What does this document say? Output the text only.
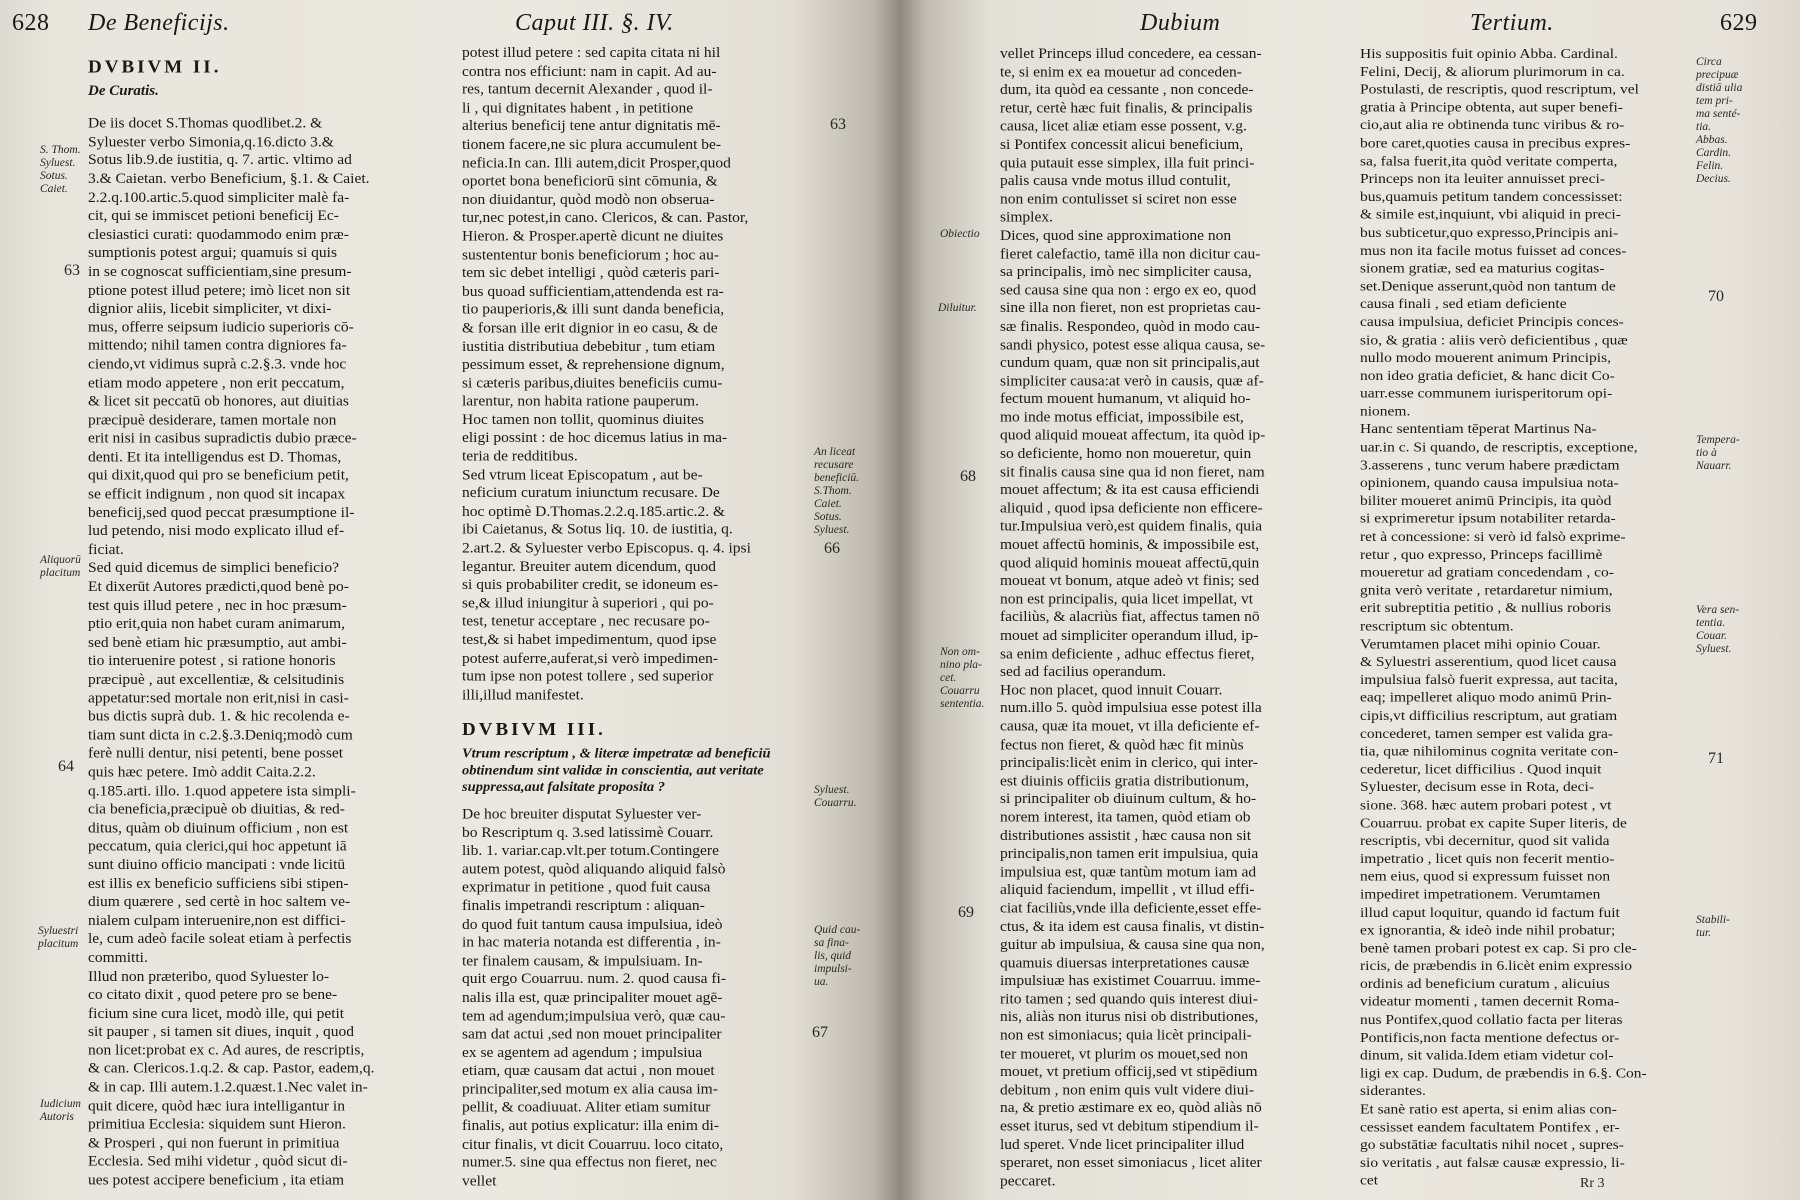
628 De Beneficijs.	Caput III. §. IV.

DVBIVM II.

De Curatis.

De iis docet S.Thomas quodlibet.2. &

Syluester verbo Simonia,q.16.dicto 3.&

Sotus lib.9.de iustitia, q. 7. artic. vltimo ad

3.& Caietan. verbo Beneficium, §.1. & Caiet.

2.2.q.100.artic.5.quod simpliciter malè fa-

cit, qui se immiscet petioni beneficij Ec-

clesiastici curati: quodammodo enim præ-

sumptionis potest argui; quamuis si quis

in se cognoscat sufficientiam,sine presum-

ptione potest illud petere; imò licet non sit

dignior aliis, licebit simpliciter, vt dixi-

mus, offerre seipsum iudicio superioris cō-

mittendo; nihil tamen contra digniores fa-

ciendo,vt vidimus suprà c.2.§.3. vnde hoc

etiam modo appetere , non erit peccatum,

& licet sit peccatū ob honores, aut diuitias

præcipuè desiderare, tamen mortale non

erit nisi in casibus supradictis dubio præce-

denti. Et ita intelligendus est D. Thomas,

qui dixit,quod qui pro se beneficium petit,

se efficit indignum , non quod sit incapax

beneficij,sed quod peccat præsumptione il-

lud petendo, nisi modo explicato illud ef-

ficiat.

Sed quid dicemus de simplici beneficio?

Et dixerūt Autores prædicti,quod benè po-

test quis illud petere , nec in hoc præsum-

ptio erit,quia non habet curam animarum,

sed benè etiam hic præsumptio, aut ambi-

tio interuenire potest , si ratione honoris

præcipuè , aut excellentiæ, & celsitudinis

appetatur:sed mortale non erit,nisi in casi-

bus dictis suprà dub. 1. & hic recolenda e-

tiam sunt dicta in c.2.§.3.Deniq;modò cum

ferè nulli dentur, nisi petenti, bene posset

quis hæc petere. Imò addit Caita.2.2.

q.185.arti. illo. 1.quod appetere ista simpli-

cia beneficia,præcipuè ob diuitias, & red-

ditus, quàm ob diuinum officium , non est

peccatum, quia clerici,qui hoc appetunt iā

sunt diuino officio mancipati : vnde licitū

est illis ex beneficio sufficiens sibi stipen-

dium quærere , sed certè in hoc saltem ve-

nialem culpam interuenire,non est diffici-

le, cum adeò facile soleat etiam à perfectis

committi.

Illud non præteribo, quod Syluester lo-

co citato dixit , quod petere pro se bene-

ficium sine cura licet, modò ille, qui petit

sit pauper , si tamen sit diues, inquit , quod

non licet:probat ex c. Ad aures, de rescriptis,

& can. Clericos.1.q.2. & cap. Pastor, eadem,q.

& in cap. Illi autem.1.2.quæst.1.Nec valet in-

quit dicere, quòd hæc iura intelligantur in

primitiua Ecclesia: siquidem sunt Hieron.

& Prosperi , qui non fuerunt in primitiua

Ecclesia. Sed mihi videtur , quòd sicut di-

ues potest accipere beneficium , ita etiam

potest illud petere : sed capita citata ni hil

contra nos efficiunt: nam in capit. Ad au-

res, tantum decernit Alexander , quod il-

li , qui dignitates habent , in petitione

alterius beneficij tene antur dignitatis mē-

tionem facere,ne sic plura accumulent be-

neficia.In can. Illi autem,dicit Prosper,quod

oportet bona beneficiorū sint cōmunia, &

non diuidantur, quòd modò non obserua-

tur,nec potest,in cano. Clericos, & can. Pastor,

Hieron. & Prosper.apertè dicunt ne diuites

sustententur bonis beneficiorum ; hoc au-

tem sic debet intelligi , quòd cæteris pari-

bus quoad sufficientiam,attendenda est ra-

tio pauperioris,& illi sunt danda beneficia,

& forsan ille erit dignior in eo casu, & de

iustitia distributiua debebitur , tum etiam

pessimum esset, & reprehensione dignum,

si cæteris paribus,diuites beneficiis cumu-

larentur, non habita ratione pauperum.

Hoc tamen non tollit, quominus diuites

eligi possint : de hoc dicemus latius in ma-

teria de redditibus.

Sed vtrum liceat Episcopatum , aut be-

neficium curatum iniunctum recusare. De

hoc optimè D.Thomas.2.2.q.185.artic.2. &

ibi Caietanus, & Sotus liq. 10. de iustitia, q.

2.art.2. & Syluester verbo Episcopus. q. 4. ipsi

legantur. Breuiter autem dicendum, quod

si quis probabiliter credit, se idoneum es-

se,& illud iniungitur à superiori , qui po-

test, tenetur acceptare , nec recusare po-

test,& si habet impedimentum, quod ipse

potest auferre,auferat,si verò impedimen-

tum ipse non potest tollere , sed superior

illi,illud manifestet.

DVBIVM III.

Vtrum rescriptum , & literæ impetratæ ad beneficiū

obtinendum sint validæ in conscientia, aut veritate

suppressa,aut falsitate proposita ?

De hoc breuiter disputat Syluester ver-

bo Rescriptum q. 3.sed latissimè Couarr.

lib. 1. variar.cap.vlt.per totum.Contingere

autem potest, quòd aliquando aliquid falsò

exprimatur in petitione , quod fuit causa

finalis impetrandi rescriptum : aliquan-

do quod fuit tantum causa impulsiua, ideò

in hac materia notanda est differentia , in-

ter finalem causam, & impulsiuam. In-

quit ergo Couarruu. num. 2. quod causa fi-

nalis illa est, quæ principaliter mouet agē-

tem ad agendum;impulsiua verò, quæ cau-

sam dat actui ,sed non mouet principaliter

ex se agentem ad agendum ; impulsiua

etiam, quæ causam dat actui , non mouet

principaliter,sed motum ex alia causa im-

pellit, & coadiuuat. Aliter etiam sumitur

finalis, aut potius explicatur: illa enim di-

citur finalis, vt dicit Couarruu. loco citato,

numer.5. sine qua effectus non fieret, nec

vellet

S. Thom.
Syluest.
Sotus.
Caiet.
Aliquorū
placitum
Syluestri
placitum
Iudicium
Autoris
An liceat
recusare
beneficiū.
S.Thom.
Caiet.
Sotus.
Syluest.
Syluest.
Couarru.
Quid cau-
sa fina-
lis, quid
impulsi-
ua.
63
63
64
66
67
Dubium	Tertium.	629

vellet Princeps illud concedere, ea cessan-

te, si enim ex ea mouetur ad conceden-

dum, ita quòd ea cessante , non concede-

retur, certè hæc fuit finalis, & principalis

causa, licet aliæ etiam esse possent, v.g.

si Pontifex concessit alicui beneficium,

quia putauit esse simplex, illa fuit princi-

palis causa vnde motus illud contulit,

non enim contulisset si sciret non esse

simplex.

Dices, quod sine approximatione non

fieret calefactio, tamē illa non dicitur cau-

sa principalis, imò nec simpliciter causa,

sed causa sine qua non : ergo ex eo, quod

sine illa non fieret, non est proprietas cau-

sæ finalis. Respondeo, quòd in modo cau-

sandi physico, potest esse aliqua causa, se-

cundum quam, quæ non sit principalis,aut

simpliciter causa:at verò in causis, quæ af-

fectum mouent humanum, vt aliquid ho-

mo inde motus efficiat, impossibile est,

quod aliquid moueat affectum, ita quòd ip-

so deficiente, homo non moueretur, quin

sit finalis causa sine qua id non fieret, nam

mouet affectum; & ita est causa efficiendi

aliquid , quod ipsa deficiente non efficere-

tur.Impulsiua verò,est quidem finalis, quia

mouet affectū hominis, & impossibile est,

quod aliquid hominis moueat affectū,quin

moueat vt bonum, atque adeò vt finis; sed

non est principalis, quia licet impellat, vt

faciliùs, & alacriùs fiat, affectus tamen nō

mouet ad simpliciter operandum illud, ip-

sa enim deficiente , adhuc effectus fieret,

sed ad facilius operandum.

Hoc non placet, quod innuit Couarr.

num.illo 5. quòd impulsiua esse potest illa

causa, quæ ita mouet, vt illa deficiente ef-

fectus non fieret, & quòd hæc fit minùs

principalis:licèt enim in clerico, qui inter-

est diuinis officiis gratia distributionum,

si principaliter ob diuinum cultum, & ho-

norem interest, ita tamen, quòd etiam ob

distributiones assistit , hæc causa non sit

principalis,non tamen erit impulsiua, quia

impulsiua est, quæ tantùm motum iam ad

aliquid faciendum, impellit , vt illud effi-

ciat faciliùs,vnde illa deficiente,esset effe-

ctus, & ita idem est causa finalis, vt distin-

guitur ab impulsiua, & causa sine qua non,

quamuis diuersas interpretationes causæ

impulsiuæ has existimet Couarruu. imme-

rito tamen ; sed quando quis interest diui-

nis, aliàs non iturus nisi ob distributiones,

non est simoniacus; quia licèt principali-

ter moueret, vt plurim os mouet,sed non

mouet, vt pretium officij,sed vt stipēdium

debitum , non enim quis vult videre diui-

na, & pretio æstimare ex eo, quòd aliàs nō

esset iturus, sed vt debitum stipendium il-

lud speret. Vnde licet principaliter illud

speraret, non esset simoniacus , licet aliter

peccaret.

His suppositis fuit opinio Abba. Cardinal.

Felini, Decij, & aliorum plurimorum in ca.

Postulasti, de rescriptis, quod rescriptum, vel

gratia à Principe obtenta, aut super benefi-

cio,aut alia re obtinenda tunc viribus & ro-

bore caret,quoties causa in precibus expres-

sa, falsa fuerit,ita quòd veritate comperta,

Princeps non ita leuiter annuisset preci-

bus,quamuis petitum tandem concessisset:

& simile est,inquiunt, vbi aliquid in preci-

bus subticetur,quo expresso,Principis ani-

mus non ita facile motus fuisset ad conces-

sionem gratiæ, sed ea maturius cogitas-

set.Denique asserunt,quòd non tantum de

causa finali , sed etiam deficiente

causa impulsiua, deficiet Principis conces-

sio, & gratia : aliis verò deficientibus , quæ

nullo modo mouerent animum Principis,

non ideo gratia deficiet, & hanc dicit Co-

uarr.esse communem iurisperitorum opi-

nionem.

Hanc sententiam tēperat Martinus Na-

uar.in c. Si quando, de rescriptis, exceptione,

3.asserens , tunc verum habere prædictam

opinionem, quando causa impulsiua nota-

biliter moueret animū Principis, ita quòd

si exprimeretur ipsum notabiliter retarda-

ret à concessione: si verò id falsò exprime-

retur , quo expresso, Princeps facillimè

moueretur ad gratiam concedendam , co-

gnita verò veritate , retardaretur nimium,

erit subreptitia petitio , & nullius roboris

rescriptum sic obtentum.

Verumtamen placet mihi opinio Couar.

& Syluestri asserentium, quod licet causa

impulsiua falsò fuerit expressa, aut tacita,

eaq; impelleret aliquo modo animū Prin-

cipis,vt difficilius rescriptum, aut gratiam

concederet, tamen semper est valida gra-

tia, quæ nihilominus cognita veritate con-

cederetur, licet difficilius . Quod inquit

Syluester, decisum esse in Rota, deci-

sione. 368. hæc autem probari potest , vt

Couarruu. probat ex capite Super literis, de

rescriptis, vbi decernitur, quod sit valida

impetratio , licet quis non fecerit mentio-

nem eius, quod si expressum fuisset non

impediret impetrationem. Verumtamen

illud caput loquitur, quando id factum fuit

ex ignorantia, & ideò inde nihil probatur;

benè tamen probari potest ex cap. Si pro cle-

ricis, de præbendis in 6.licèt enim expressio

ordinis ad beneficium curatum , alicuius

videatur momenti , tamen decernit Roma-

nus Pontifex,quod collatio facta per literas

Pontificis,non facta mentione defectus or-

dinum, sit valida.Idem etiam videtur col-

ligi ex cap. Dudum, de præbendis in 6.§. Con-

siderantes.

Et sanè ratio est aperta, si enim alias con-

cessisset eandem facultatem Pontifex , er-

go substātiæ facultatis nihil nocet , supres-

sio veritatis , aut falsæ causæ expressio, li-

cet

Obiectio
Diluitur.
Non om-
nino pla-
cet.
Couarru
sententia.
Circa
precipuæ
distiā ulia
tem pri-
ma senté-
tia.
Abbas.
Cardin.
Felin.
Decius.
Tempera-
tio à
Nauarr.
Vera sen-
tentia.
Couar.
Syluest.
Stabili-
tur.
68
69
70
71
Rr 3
